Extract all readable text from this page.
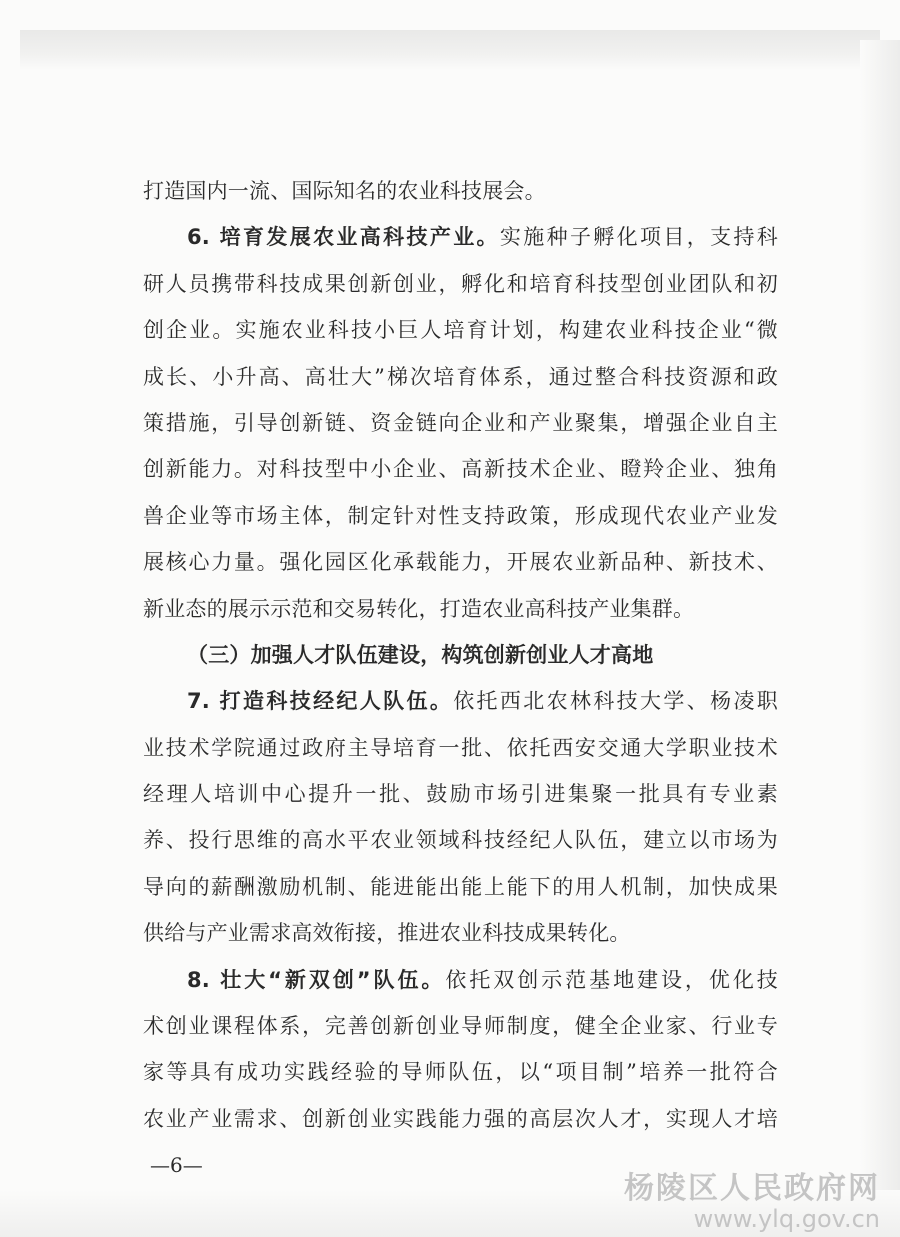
打造国内一流、国际知名的农业科技展会。
6. 培育发展农业高科技产业。实施种子孵化项目，支持科
研人员携带科技成果创新创业，孵化和培育科技型创业团队和初
创企业。实施农业科技小巨人培育计划，构建农业科技企业“微
成长、小升高、高壮大”梯次培育体系，通过整合科技资源和政
策措施，引导创新链、资金链向企业和产业聚集，增强企业自主
创新能力。对科技型中小企业、高新技术企业、瞪羚企业、独角
兽企业等市场主体，制定针对性支持政策，形成现代农业产业发
展核心力量。强化园区化承载能力，开展农业新品种、新技术、
新业态的展示示范和交易转化，打造农业高科技产业集群。
（三）加强人才队伍建设，构筑创新创业人才高地
7. 打造科技经纪人队伍。依托西北农林科技大学、杨凌职
业技术学院通过政府主导培育一批、依托西安交通大学职业技术
经理人培训中心提升一批、鼓励市场引进集聚一批具有专业素
养、投行思维的高水平农业领域科技经纪人队伍，建立以市场为
导向的薪酬激励机制、能进能出能上能下的用人机制，加快成果
供给与产业需求高效衔接，推进农业科技成果转化。
8. 壮大“新双创”队伍。依托双创示范基地建设，优化技
术创业课程体系，完善创新创业导师制度，健全企业家、行业专
家等具有成功实践经验的导师队伍，以“项目制”培养一批符合
农业产业需求、创新创业实践能力强的高层次人才，实现人才培
—6—
杨陵区人民政府网
www.ylq.gov.cn
